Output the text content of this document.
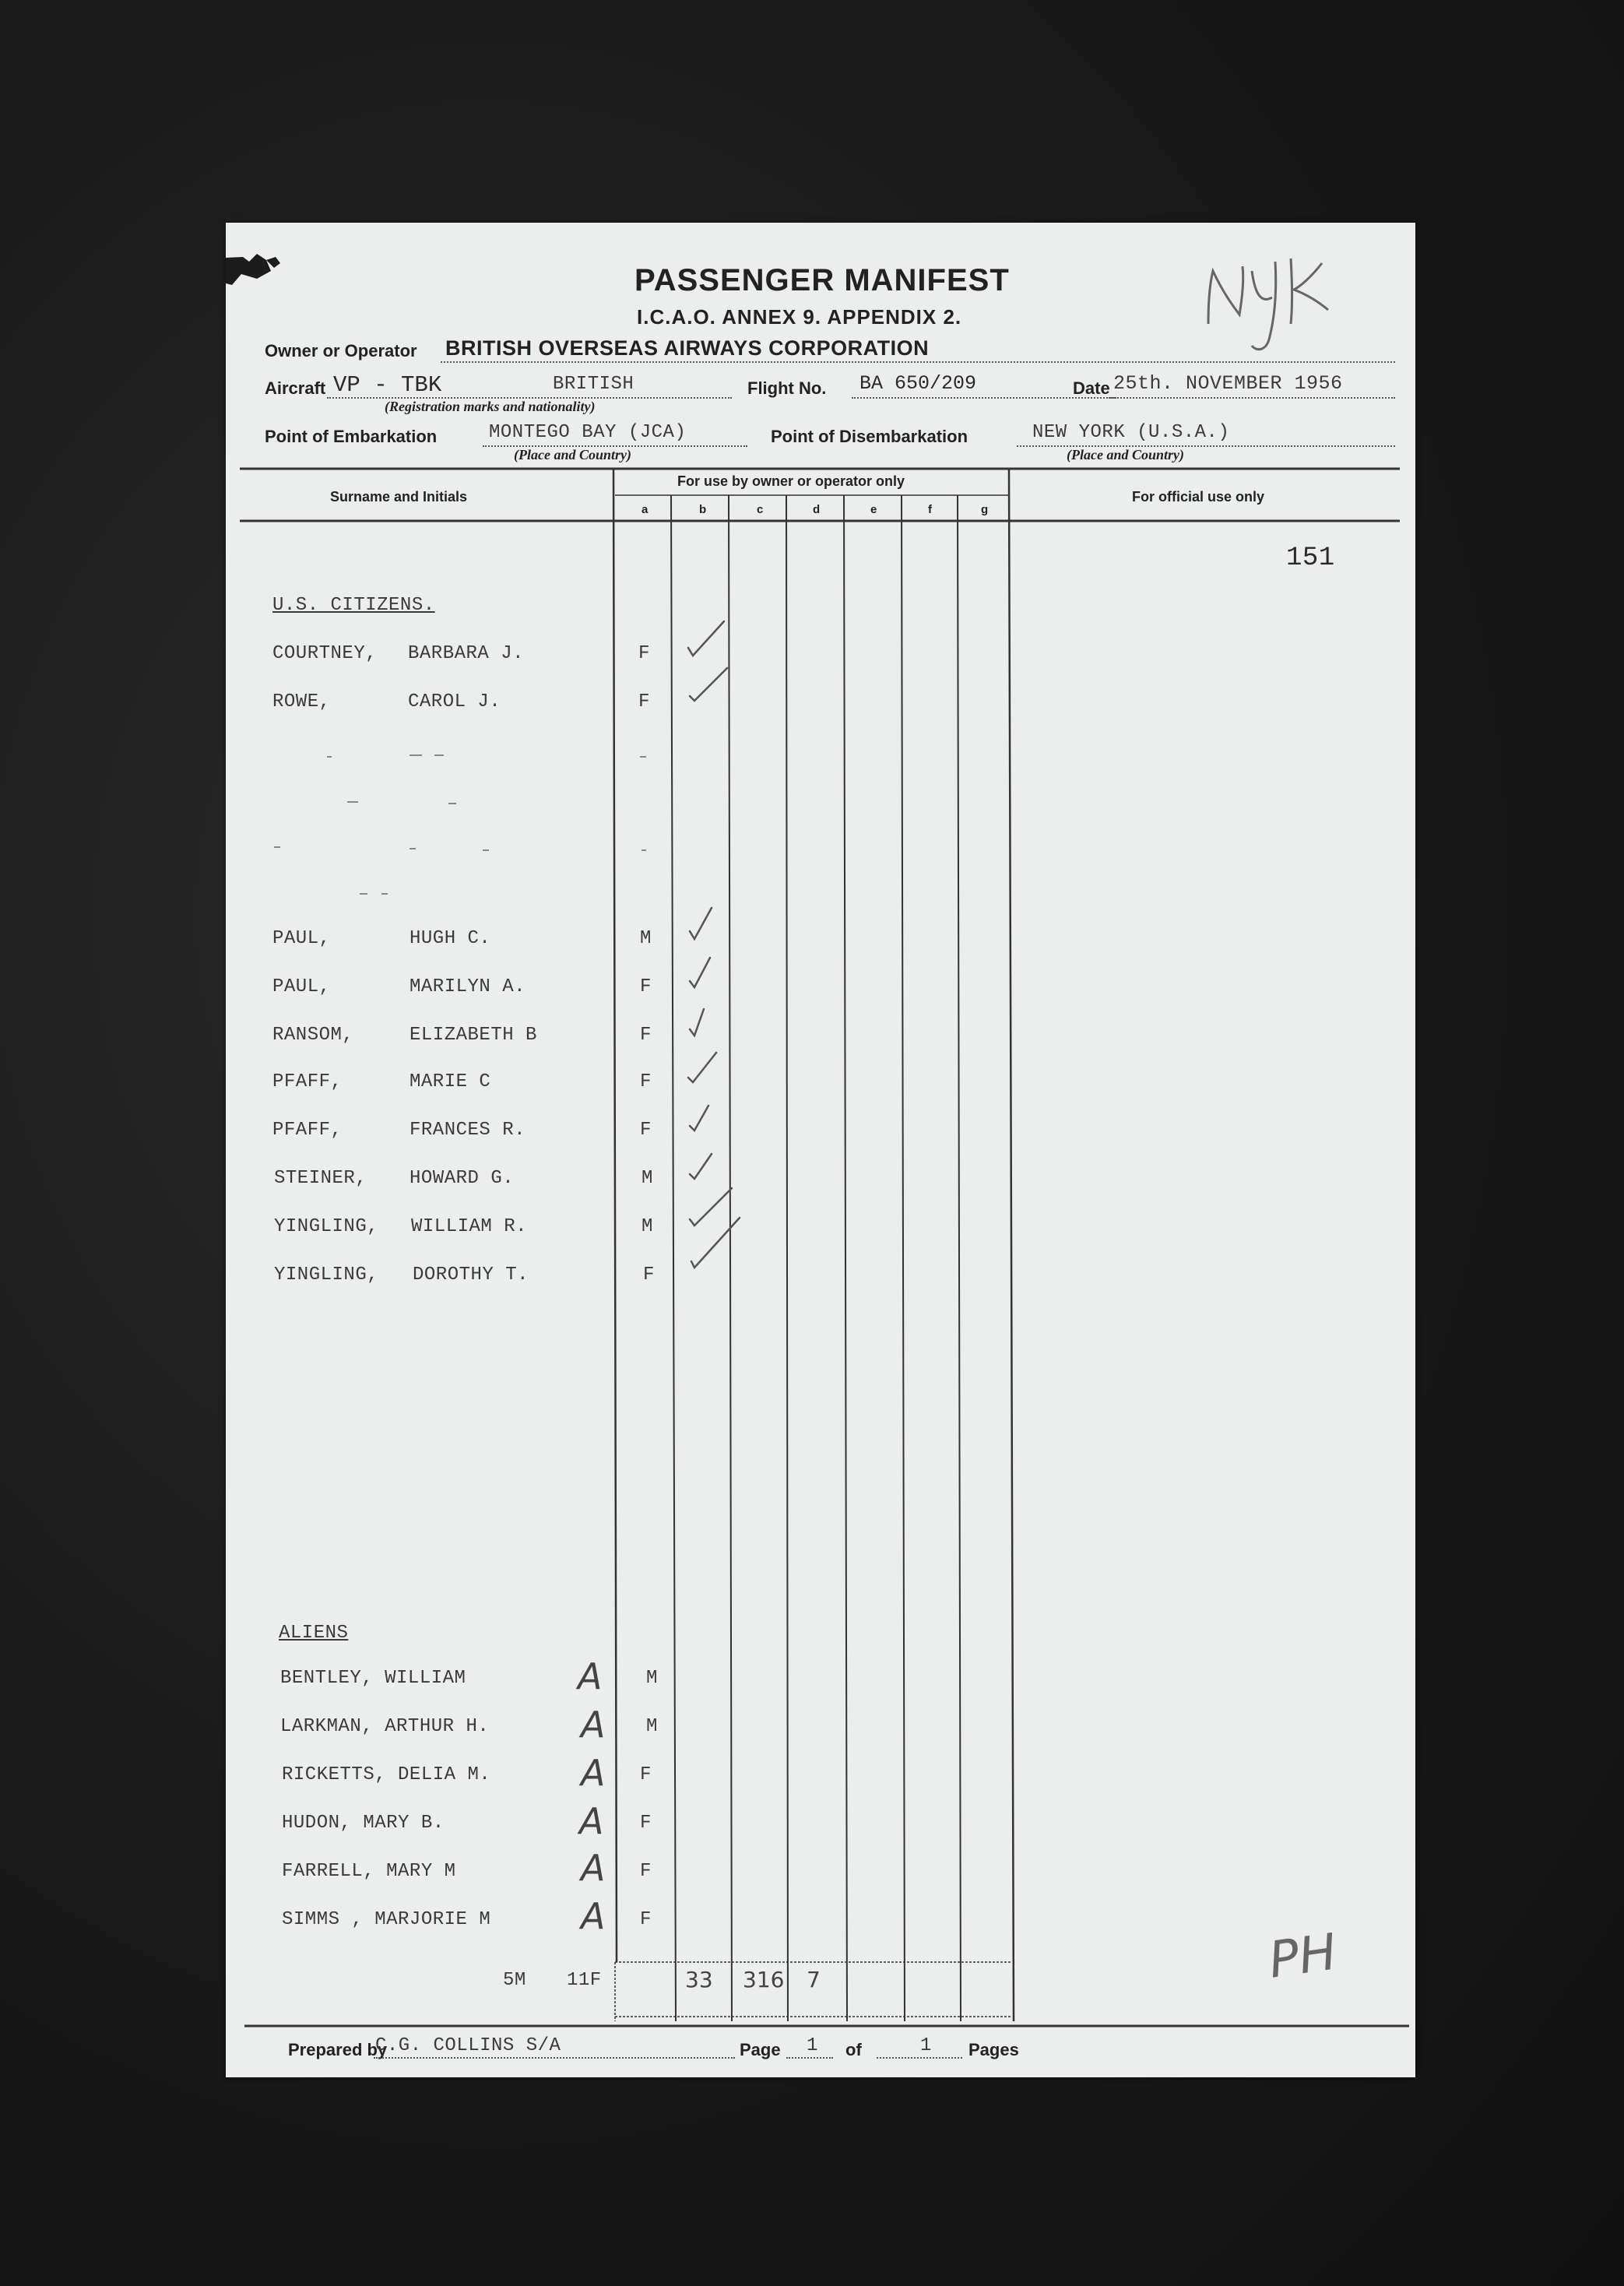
PASSENGER MANIFEST
I.C.A.O. ANNEX 9. APPENDIX 2.
Owner or Operator BRITISH OVERSEAS AIRWAYS CORPORATION
Aircraft VP - TBK	BRITISH
(Registration marks and nationality)
Flight No. BA 650/209	Date 25th. NOVEMBER 1956
Point of Embarkation	MONTEGO BAY (JCA)
(Place and Country)
Point of Disembarkation	NEW YORK (U.S.A.)
(Place and Country)
Surname and Initials
For use by owner or operator only
a	b	c	d	e	f	g
For official use only
151
U.S. CITIZENS.
COURTNEY, BARBARA J.	F
ROWE,	CAROL J.	F
PAUL,	HUGH C.	M
PAUL,	MARILYN A.	F
RANSOM,	ELIZABETH B	F
PFAFF,	MARIE C	F
PFAFF,	FRANCES R.	F
STEINER, HOWARD G.	M
YINGLING, WILLIAM R.	M
YINGLING, DOROTHY T.	F
ALIENS
BENTLEY, WILLIAM	A M
LARKMAN, ARTHUR H.	A M
RICKETTS, DELIA M.	A F
HUDON, MARY B.	A F
FARRELL, MARY M	A F
SIMMS , MARJORIE M	A F
5M 11F	33 316 7
Prepared by
C.G. COLLINS S/A	Page 1 of	1 Pages
PH
